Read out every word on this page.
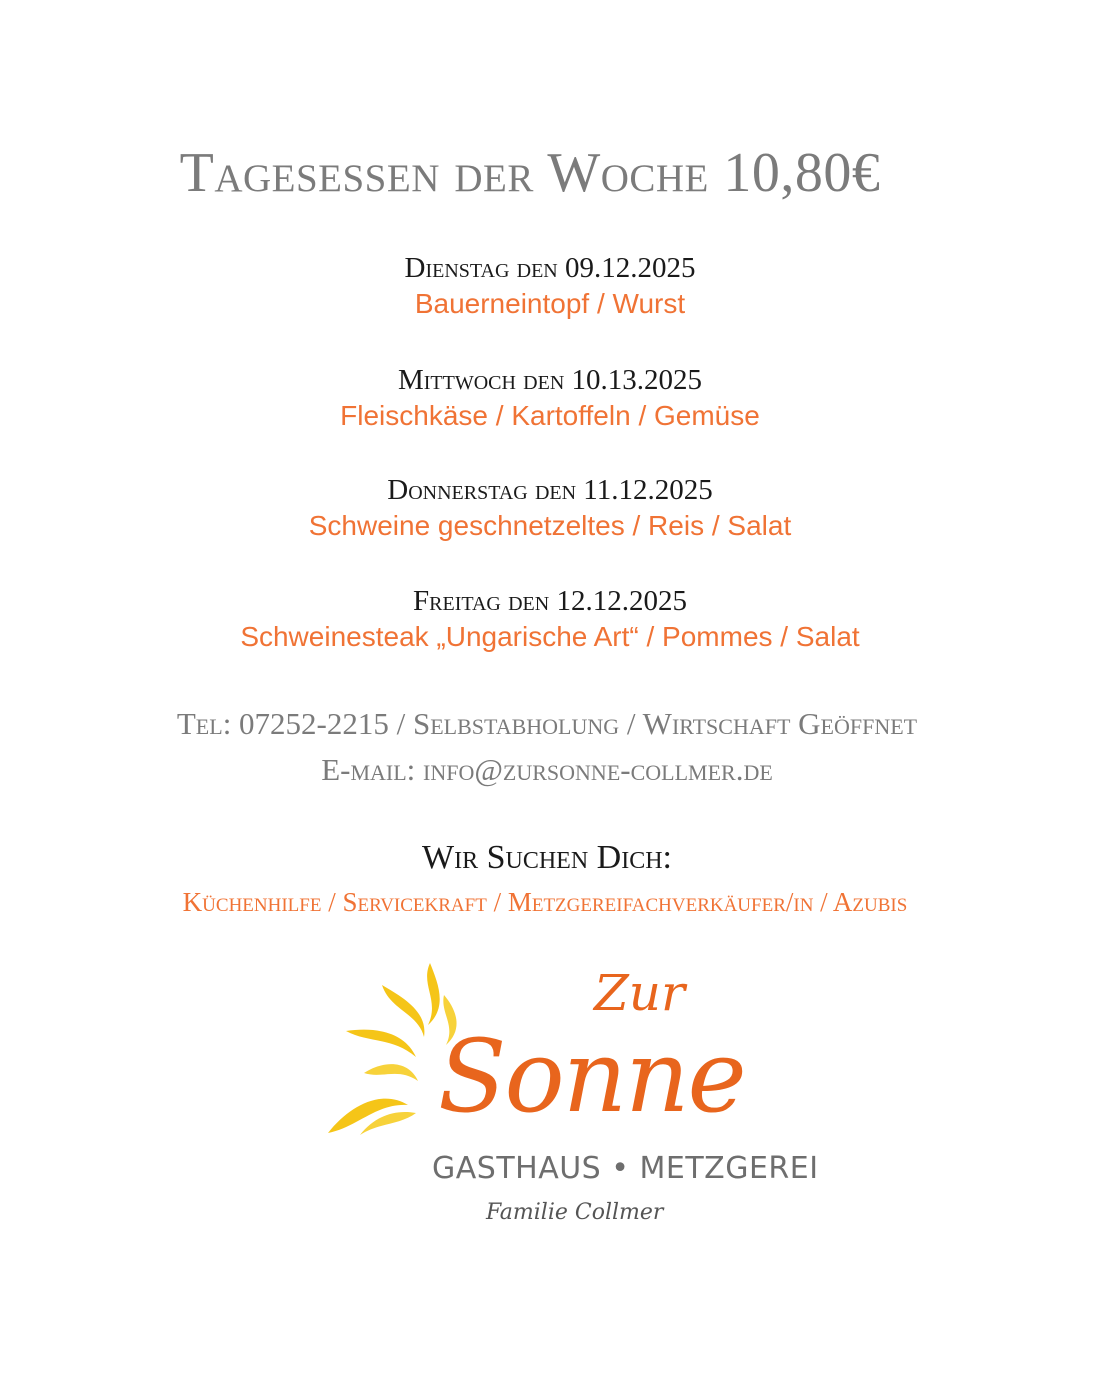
Tagesessen der Woche 10,80€
Dienstag den 09.12.2025
Bauerneintopf / Wurst
Mittwoch den 10.13.2025
Fleischkäse / Kartoffeln / Gemüse
Donnerstag den 11.12.2025
Schweine geschnetzeltes / Reis / Salat
Freitag den 12.12.2025
Schweinesteak „Ungarische Art“ / Pommes / Salat
Tel: 07252-2215 / Selbstabholung / Wirtschaft Geöffnet
E-mail: info@zursonne-collmer.de
Wir Suchen Dich:
Küchenhilfe / Servicekraft / Metzgereifachverkäufer/in / Azubis
Zur
Sonne
GASTHAUS • METZGEREI
Familie Collmer
